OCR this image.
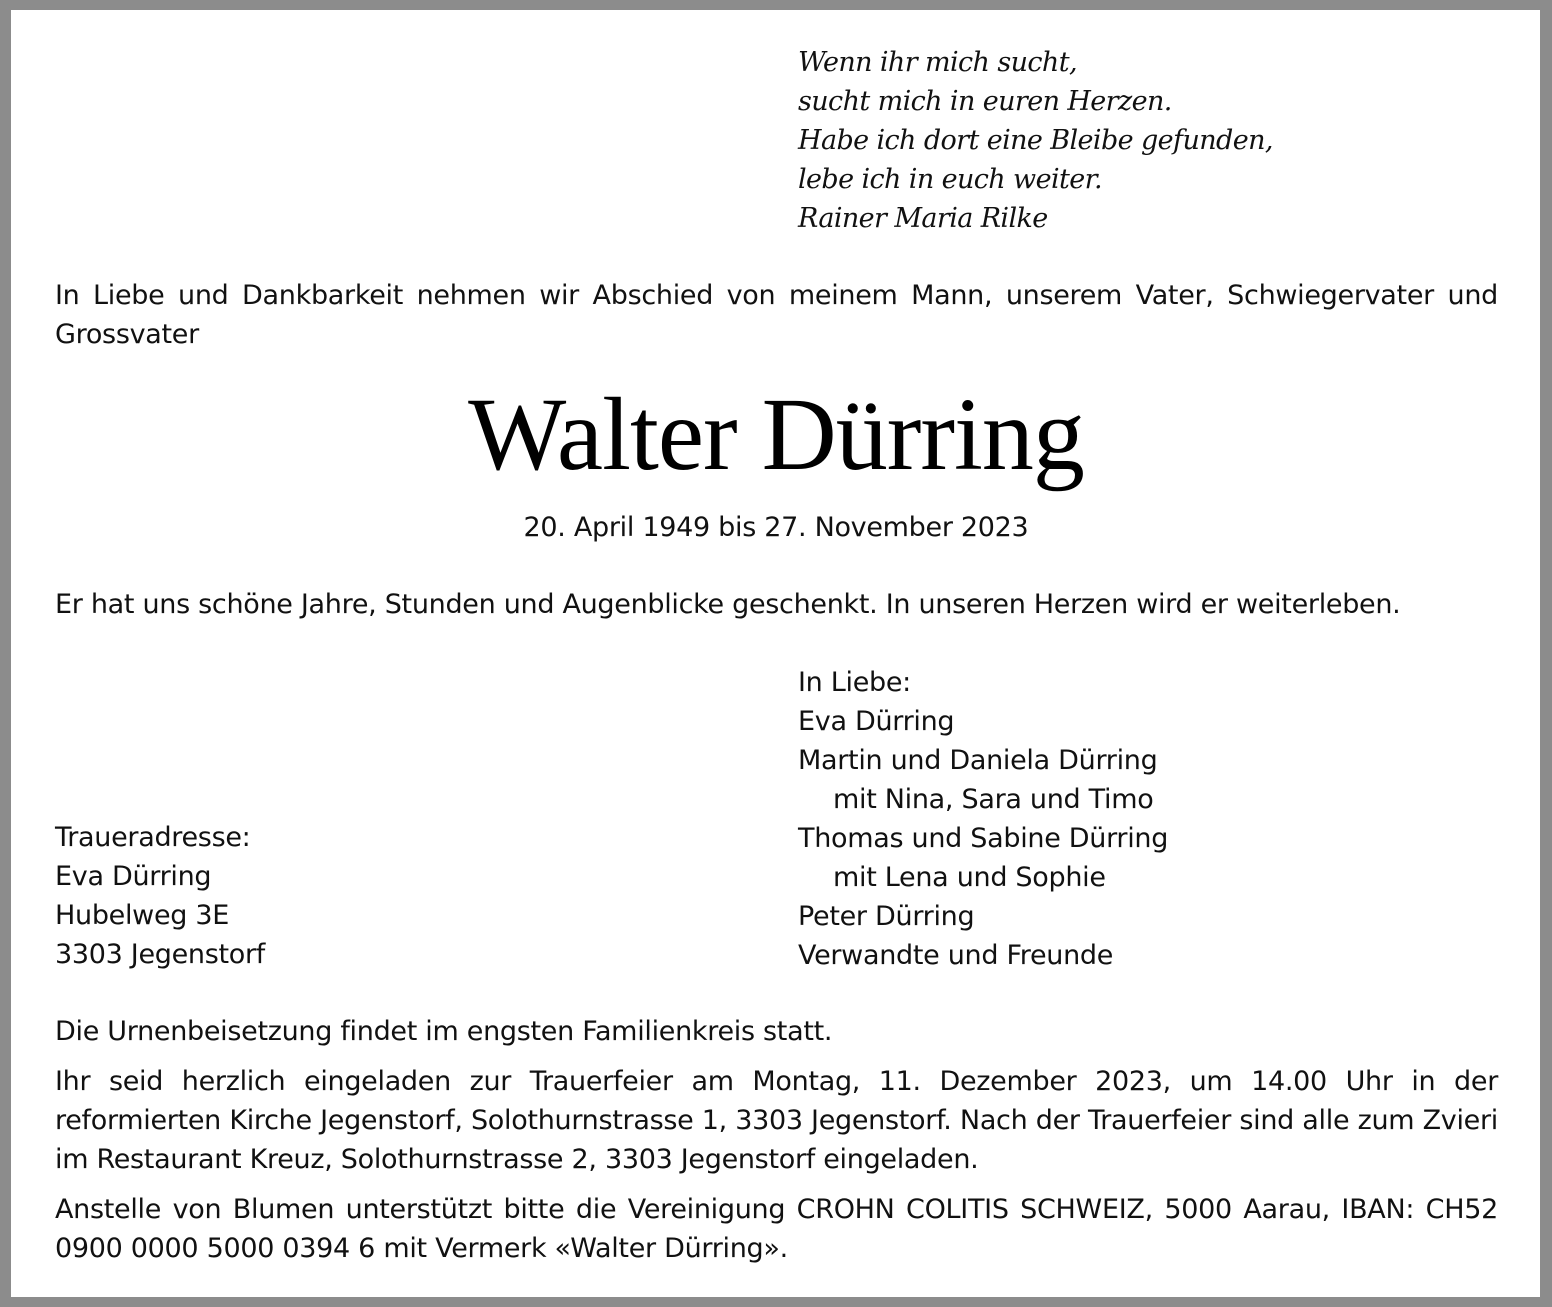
Wenn ihr mich sucht,
sucht mich in euren Herzen.
Habe ich dort eine Bleibe gefunden,
lebe ich in euch weiter.
Rainer Maria Rilke
In Liebe und Dankbarkeit nehmen wir Abschied von meinem Mann, unserem Vater, Schwiegervater und Grossvater
Walter Dürring
20. April 1949 bis 27. November 2023
Er hat uns schöne Jahre, Stunden und Augenblicke geschenkt. In unseren Herzen wird er weiterleben.
In Liebe:
Eva Dürring
Martin und Daniela Dürring
mit Nina, Sara und Timo
Thomas und Sabine Dürring
mit Lena und Sophie
Peter Dürring
Verwandte und Freunde
Traueradresse:
Eva Dürring
Hubelweg 3E
3303 Jegenstorf
Die Urnenbeisetzung findet im engsten Familienkreis statt.
Ihr seid herzlich eingeladen zur Trauerfeier am Montag, 11. Dezember 2023, um 14.00 Uhr in der reformierten Kirche Jegenstorf, Solothurnstrasse 1, 3303 Jegenstorf. Nach der Trauerfeier sind alle zum Zvieri im Restaurant Kreuz, Solothurnstrasse 2, 3303 Jegenstorf eingeladen.
Anstelle von Blumen unterstützt bitte die Vereinigung CROHN COLITIS SCHWEIZ, 5000 Aarau, IBAN: CH52 0900 0000 5000 0394 6 mit Vermerk «Walter Dürring».
